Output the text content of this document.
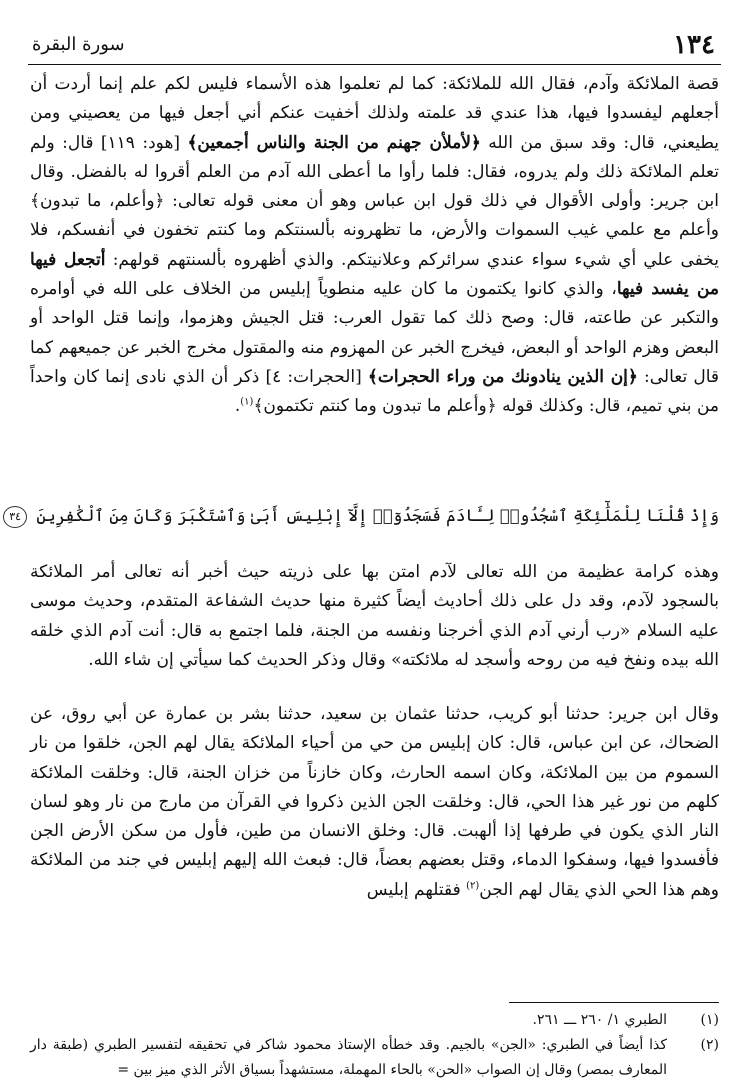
١٣٤
سورة البقرة

قصة الملائكة وآدم، فقال الله للملائكة: كما لم تعلموا هذه الأسماء فليس لكم علم إنما أردت أن أجعلهم ليفسدوا فيها، هذا عندي قد علمته ولذلك أخفيت عنكم أني أجعل فيها من يعصيني ومن يطيعني، قال: وقد سبق من الله ﴿لأملأن جهنم من الجنة والناس أجمعين﴾ [هود: ١١٩] قال: ولم تعلم الملائكة ذلك ولم يدروه، فقال: فلما رأوا ما أعطى الله آدم من العلم أقروا له بالفضل. وقال ابن جرير: وأولى الأقوال في ذلك قول ابن عباس وهو أن معنى قوله تعالى: ﴿وأعلم، ما تبدون﴾ وأعلم مع علمي غيب السموات والأرض، ما تظهرونه بألسنتكم وما كنتم تخفون في أنفسكم، فلا يخفى علي أي شيء سواء عندي سرائركم وعلانيتكم. والذي أظهروه بألسنتهم قولهم: أتجعل فيها من يفسد فيها، والذي كانوا يكتمون ما كان عليه منطوياً إبليس من الخلاف على الله في أوامره والتكبر عن طاعته، قال: وصح ذلك كما تقول العرب: قتل الجيش وهزموا، وإنما قتل الواحد أو البعض وهزم الواحد أو البعض، فيخرج الخبر عن المهزوم منه والمقتول مخرج الخبر عن جميعهم كما قال تعالى: ﴿إن الذين ينادونك من وراء الحجرات﴾ [الحجرات: ٤] ذكر أن الذي نادى إنما كان واحداً من بني تميم، قال: وكذلك قوله ﴿وأعلم ما تبدون وما كنتم تكتمون﴾$^{(١)}$.

وَإِذْ قُلْنَا لِلْمَلَٰٓئِكَةِ ٱسْجُدُوا۟ لِـَٔادَمَ فَسَجَدُوٓا۟ إِلَّآ إِبْلِيسَ أَبَىٰ وَٱسْتَكْبَرَ وَكَانَ مِنَ ٱلْكَٰفِرِينَ ٣٤

وهذه كرامة عظيمة من الله تعالى لآدم امتن بها على ذريته حيث أخبر أنه تعالى أمر الملائكة بالسجود لآدم، وقد دل على ذلك أحاديث أيضاً كثيرة منها حديث الشفاعة المتقدم، وحديث موسى عليه السلام «رب أرني آدم الذي أخرجنا ونفسه من الجنة، فلما اجتمع به قال: أنت آدم الذي خلقه الله بيده ونفخ فيه من روحه وأسجد له ملائكته» وقال وذكر الحديث كما سيأتي إن شاء الله.

وقال ابن جرير: حدثنا أبو كريب، حدثنا عثمان بن سعيد، حدثنا بشر بن عمارة عن أبي روق، عن الضحاك، عن ابن عباس، قال: كان إبليس من حي من أحياء الملائكة يقال لهم الجن، خلقوا من نار السموم من بين الملائكة، وكان اسمه الحارث، وكان خازناً من خزان الجنة، قال: وخلقت الملائكة كلهم من نور غير هذا الحي، قال: وخلقت الجن الذين ذكروا في القرآن من مارج من نار وهو لسان النار الذي يكون في طرفها إذا ألهبت. قال: وخلق الانسان من طين، فأول من سكن الأرض الجن فأفسدوا فيها، وسفكوا الدماء، وقتل بعضهم بعضاً، قال: فبعث الله إليهم إبليس في جند من الملائكة وهم هذا الحي الذي يقال لهم الجن$^{(٢)}$ فقتلهم إبليس

(١)
الطبري ١/ ٢٦٠ ـــ ٢٦١.
(٢)
كذا أيضاً في الطبري: «الجن» بالجيم. وقد خطأه الإستاذ محمود شاكر في تحقيقه لتفسير الطبري (طبقة دار المعارف بمصر) وقال إن الصواب «الحن» بالحاء المهملة، مستشهداً بسياق الأثر الذي ميز بين =
